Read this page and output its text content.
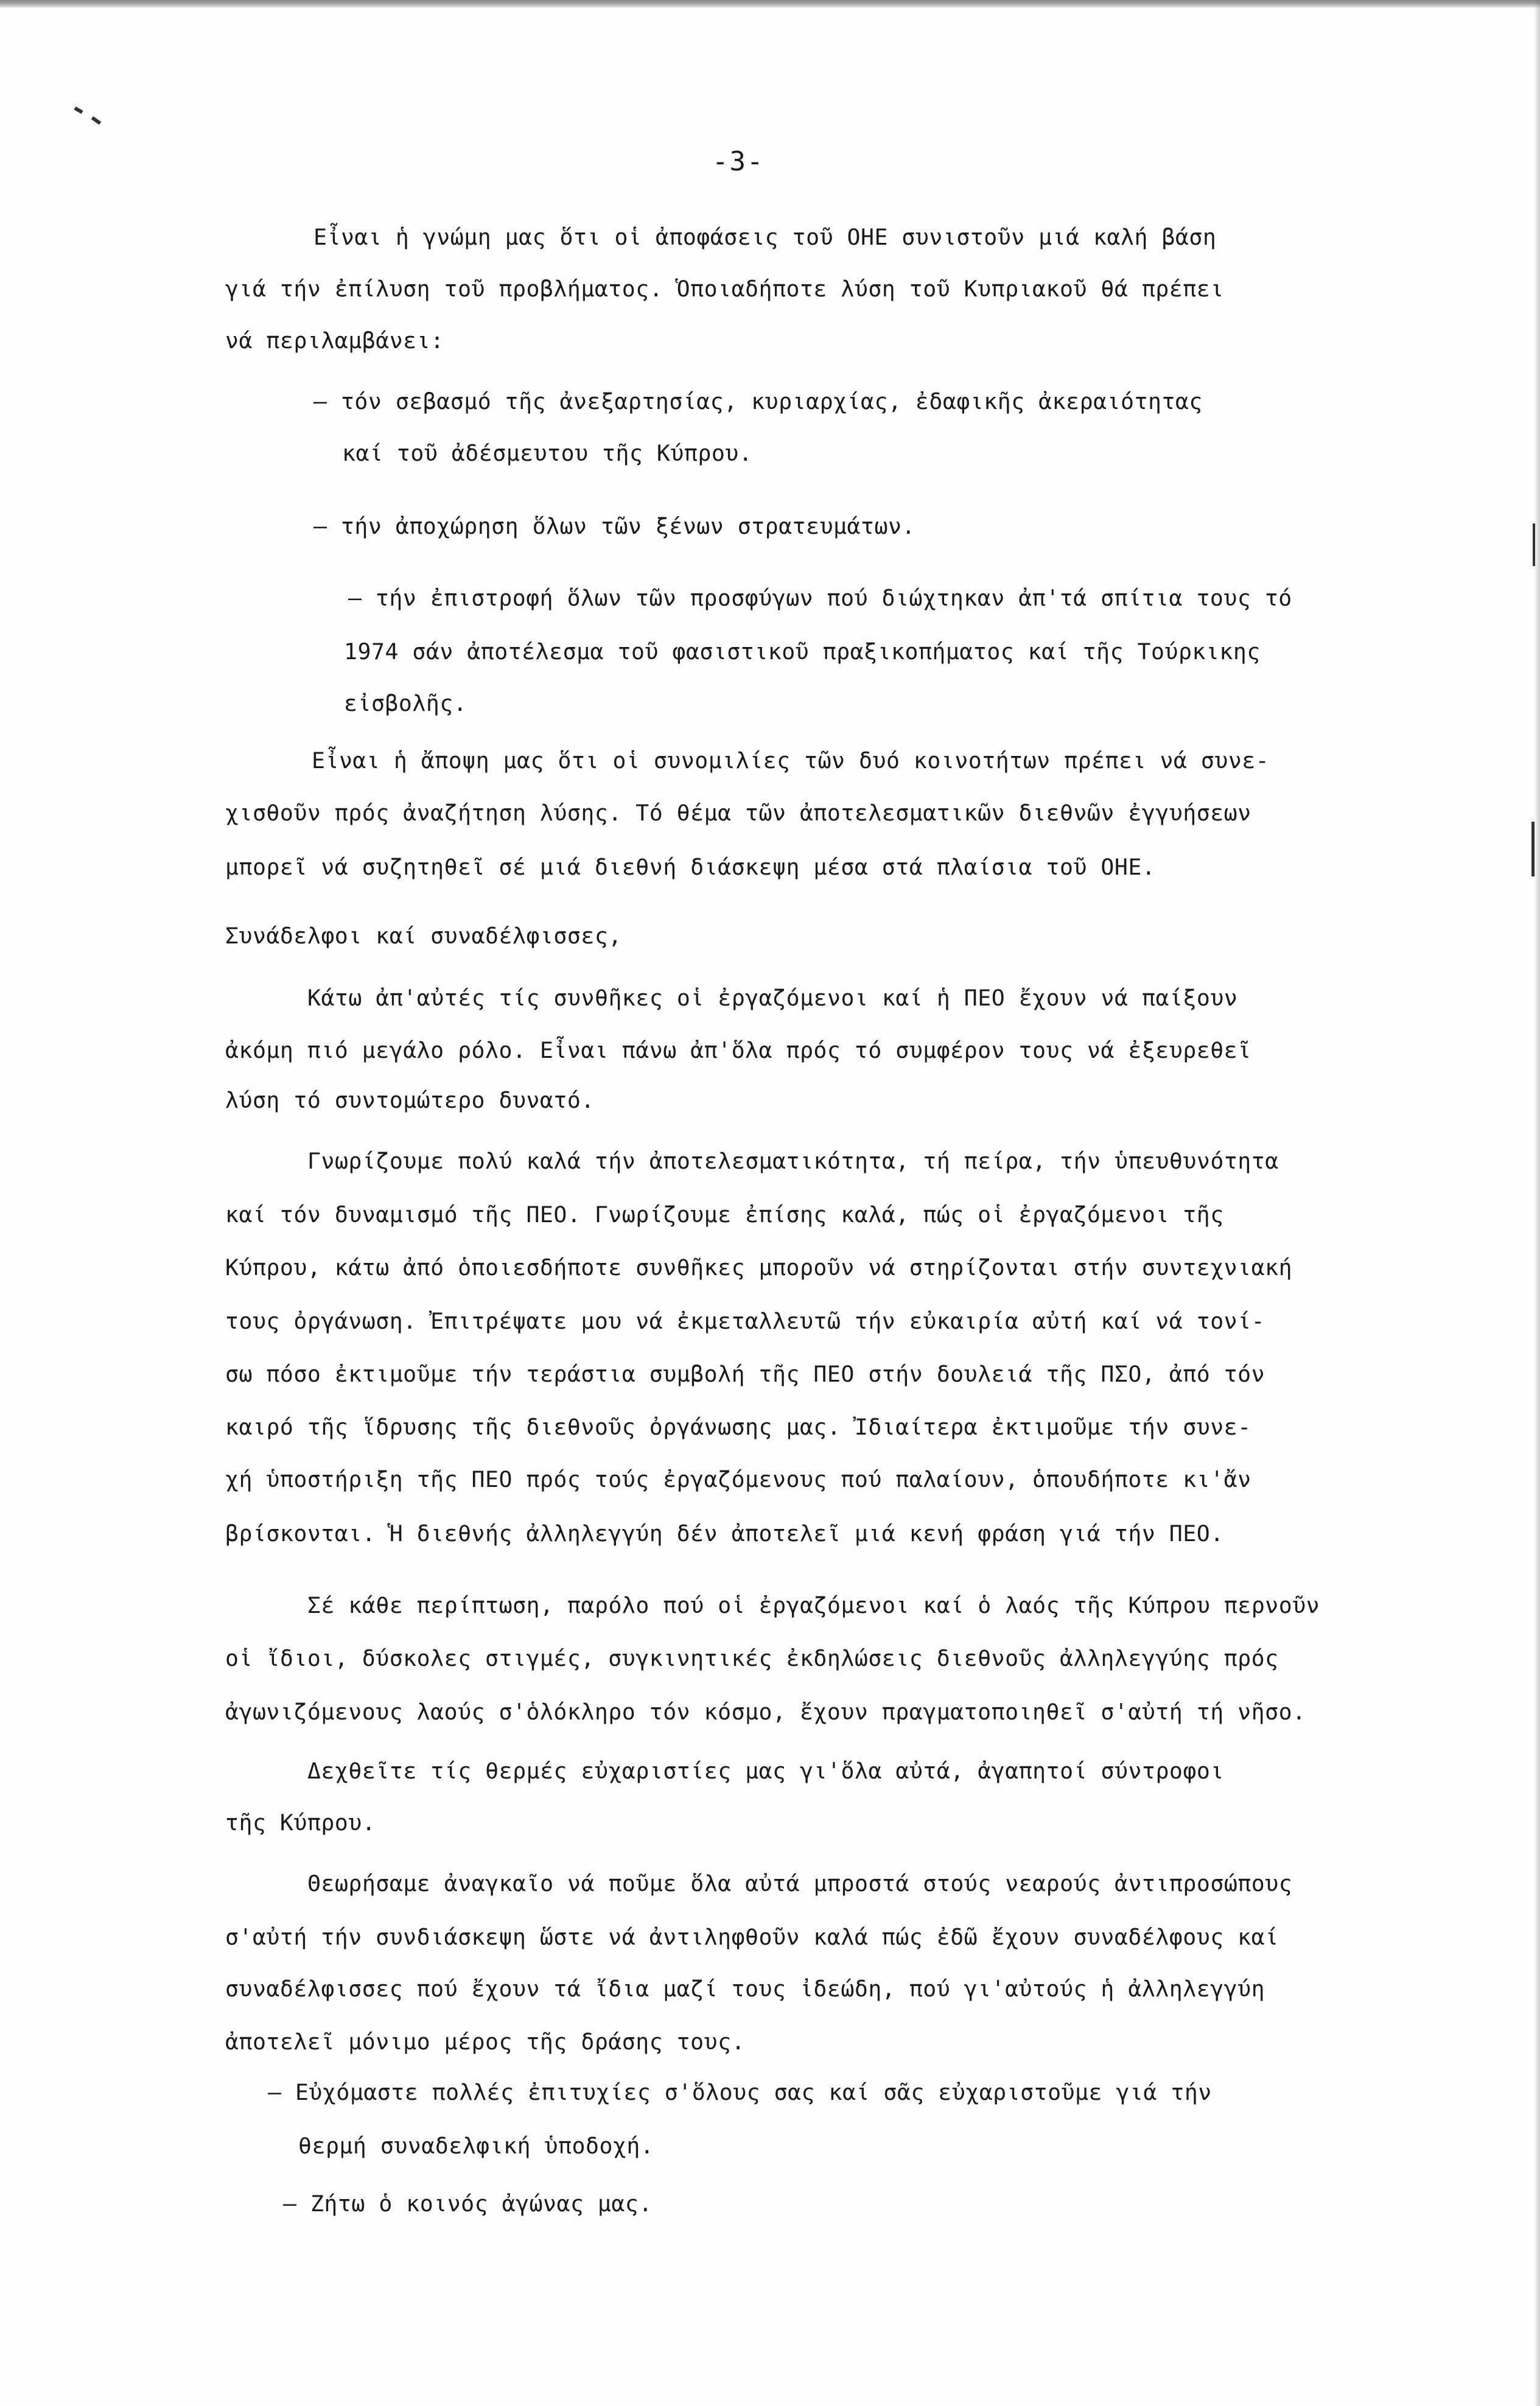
-3-
Εἶναι ἡ γνώμη μας ὅτι οἱ ἀποφάσεις τοῦ ΟΗΕ συνιστοῦν μιά καλή βάση
γιά τήν ἐπίλυση τοῦ προβλήματος. Ὁποιαδήποτε λύση τοῦ Κυπριακοῦ θά πρέπει
νά περιλαμβάνει:
– τόν σεβασμό τῆς ἀνεξαρτησίας, κυριαρχίας, ἐδαφικῆς ἀκεραιότητας
καί τοῦ ἀδέσμευτου τῆς Κύπρου.
– τήν ἀποχώρηση ὅλων τῶν ξένων στρατευμάτων.
– τήν ἐπιστροφή ὅλων τῶν προσφύγων πού διώχτηκαν ἀπ'τά σπίτια τους τό
1974 σάν ἀποτέλεσμα τοῦ φασιστικοῦ πραξικοπήματος καί τῆς Τούρκικης
εἰσβολῆς.
Εἶναι ἡ ἄποψη μας ὅτι οἱ συνομιλίες τῶν δυό κοινοτήτων πρέπει νά συνε-
χισθοῦν πρός ἀναζήτηση λύσης. Τό θέμα τῶν ἀποτελεσματικῶν διεθνῶν ἐγγυήσεων
μπορεῖ νά συζητηθεῖ σέ μιά διεθνή διάσκεψη μέσα στά πλαίσια τοῦ ΟΗΕ.
Συνάδελφοι καί συναδέλφισσες,
Κάτω ἀπ'αὐτές τίς συνθῆκες οἱ ἐργαζόμενοι καί ἡ ΠΕΟ ἔχουν νά παίξουν
ἀκόμη πιό μεγάλο ρόλο. Εἶναι πάνω ἀπ'ὅλα πρός τό συμφέρον τους νά ἐξευρεθεῖ
λύση τό συντομώτερο δυνατό.
Γνωρίζουμε πολύ καλά τήν ἀποτελεσματικότητα, τή πείρα, τήν ὑπευθυνότητα
καί τόν δυναμισμό τῆς ΠΕΟ. Γνωρίζουμε ἐπίσης καλά, πώς οἱ ἐργαζόμενοι τῆς
Κύπρου, κάτω ἀπό ὁποιεσδήποτε συνθῆκες μποροῦν νά στηρίζονται στήν συντεχνιακή
τους ὀργάνωση. Ἐπιτρέψατε μου νά ἐκμεταλλευτῶ τήν εὐκαιρία αὐτή καί νά τονί-
σω πόσο ἐκτιμοῦμε τήν τεράστια συμβολή τῆς ΠΕΟ στήν δουλειά τῆς ΠΣΟ, ἀπό τόν
καιρό τῆς ἵδρυσης τῆς διεθνοῦς ὀργάνωσης μας. Ἰδιαίτερα ἐκτιμοῦμε τήν συνε-
χή ὑποστήριξη τῆς ΠΕΟ πρός τούς ἐργαζόμενους πού παλαίουν, ὁπουδήποτε κι'ἄν
βρίσκονται. Ἡ διεθνής ἀλληλεγγύη δέν ἀποτελεῖ μιά κενή φράση γιά τήν ΠΕΟ.
Σέ κάθε περίπτωση, παρόλο πού οἱ ἐργαζόμενοι καί ὁ λαός τῆς Κύπρου περνοῦν
οἱ ἴδιοι, δύσκολες στιγμές, συγκινητικές ἐκδηλώσεις διεθνοῦς ἀλληλεγγύης πρός
ἀγωνιζόμενους λαούς σ'ὁλόκληρο τόν κόσμο, ἔχουν πραγματοποιηθεῖ σ'αὐτή τή νῆσο.
Δεχθεῖτε τίς θερμές εὐχαριστίες μας γι'ὅλα αὐτά, ἀγαπητοί σύντροφοι
τῆς Κύπρου.
Θεωρήσαμε ἀναγκαῖο νά ποῦμε ὅλα αὐτά μπροστά στούς νεαρούς ἀντιπροσώπους
σ'αὐτή τήν συνδιάσκεψη ὥστε νά ἀντιληφθοῦν καλά πώς ἐδῶ ἔχουν συναδέλφους καί
συναδέλφισσες πού ἔχουν τά ἴδια μαζί τους ἰδεώδη, πού γι'αὐτούς ἡ ἀλληλεγγύη
ἀποτελεῖ μόνιμο μέρος τῆς δράσης τους.
– Εὐχόμαστε πολλές ἐπιτυχίες σ'ὅλους σας καί σᾶς εὐχαριστοῦμε γιά τήν
θερμή συναδελφική ὑποδοχή.
– Ζήτω ὁ κοινός ἀγώνας μας.
